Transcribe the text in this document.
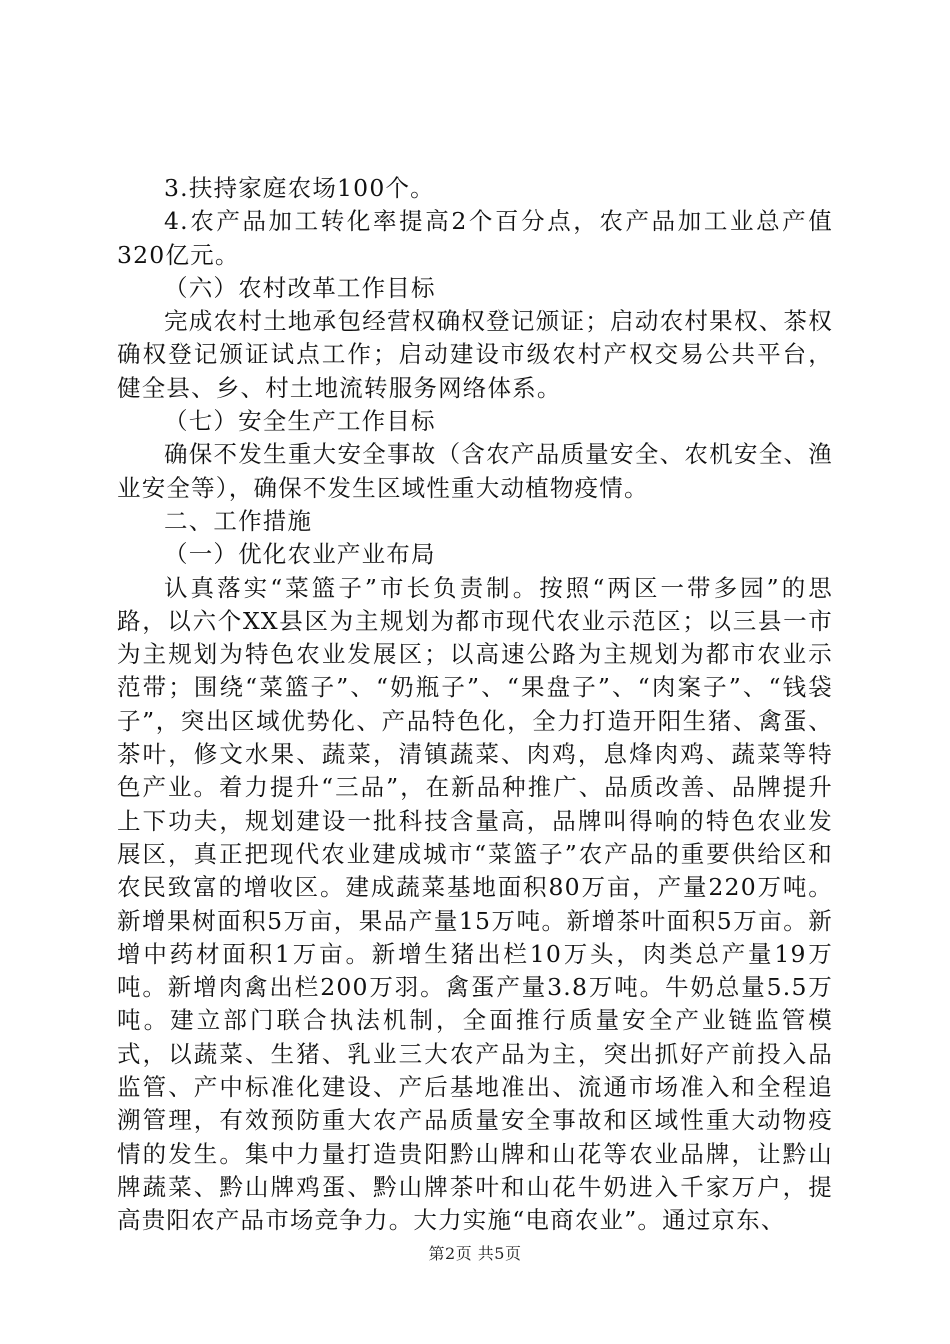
3.扶持家庭农场100个。

4.农产品加工转化率提高2个百分点，农产品加工业总产值320亿元。

（六）农村改革工作目标

完成农村土地承包经营权确权登记颁证；启动农村果权、茶权确权登记颁证试点工作；启动建设市级农村产权交易公共平台，健全县、乡、村土地流转服务网络体系。

（七）安全生产工作目标

确保不发生重大安全事故（含农产品质量安全、农机安全、渔业安全等），确保不发生区域性重大动植物疫情。

二、工作措施

（一）优化农业产业布局

认真落实“菜篮子”市长负责制。按照“两区一带多园”的思路，以六个XX县区为主规划为都市现代农业示范区；以三县一市为主规划为特色农业发展区；以高速公路为主规划为都市农业示范带；围绕“菜篮子”、“奶瓶子”、“果盘子”、“肉案子”、“钱袋子”，突出区域优势化、产品特色化，全力打造开阳生猪、禽蛋、茶叶，修文水果、蔬菜，清镇蔬菜、肉鸡，息烽肉鸡、蔬菜等特色产业。着力提升“三品”，在新品种推广、品质改善、品牌提升上下功夫，规划建设一批科技含量高，品牌叫得响的特色农业发展区，真正把现代农业建成城市“菜篮子”农产品的重要供给区和农民致富的增收区。建成蔬菜基地面积80万亩，产量220万吨。新增果树面积5万亩，果品产量15万吨。新增茶叶面积5万亩。新增中药材面积1万亩。新增生猪出栏10万头，肉类总产量19万吨。新增肉禽出栏200万羽。禽蛋产量3.8万吨。牛奶总量5.5万吨。建立部门联合执法机制，全面推行质量安全产业链监管模式，以蔬菜、生猪、乳业三大农产品为主，突出抓好产前投入品监管、产中标准化建设、产后基地准出、流通市场准入和全程追溯管理，有效预防重大农产品质量安全事故和区域性重大动物疫情的发生。集中力量打造贵阳黔山牌和山花等农业品牌，让黔山牌蔬菜、黔山牌鸡蛋、黔山牌茶叶和山花牛奶进入千家万户，提高贵阳农产品市场竞争力。大力实施“电商农业”。通过京东、

第2页 共5页
